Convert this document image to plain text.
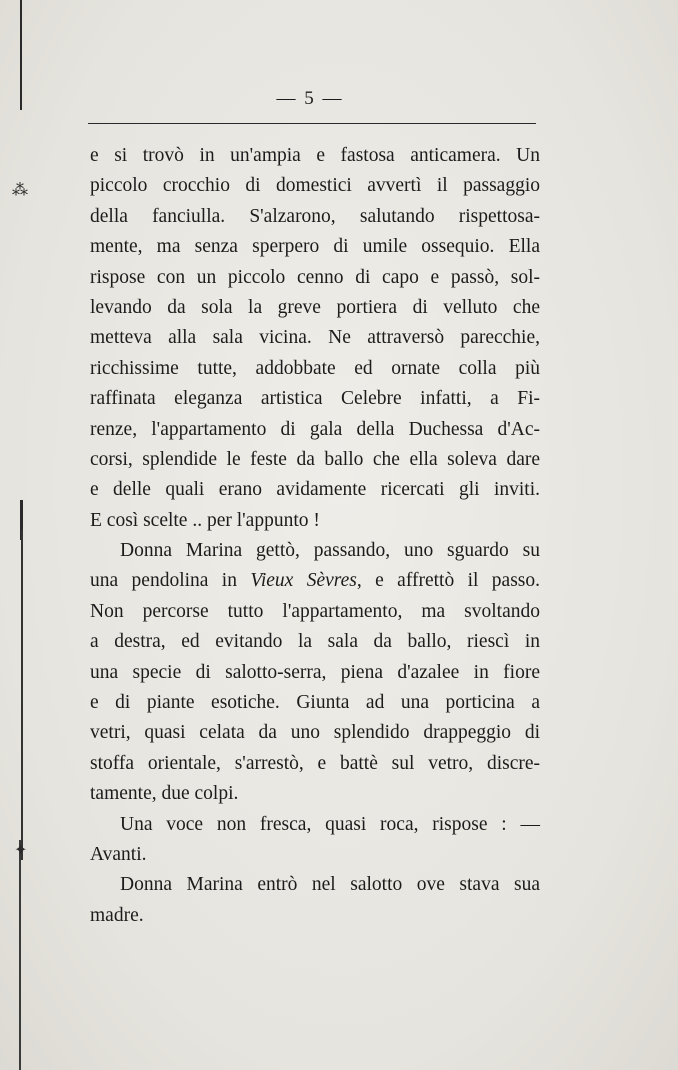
⁂
✦
— 5 —
e si trovò in un'ampia e fastosa anticamera. Un
piccolo crocchio di domestici avvertì il passaggio
della fanciulla. S'alzarono, salutando rispettosa-
mente, ma senza sperpero di umile ossequio. Ella
rispose con un piccolo cenno di capo e passò, sol-
levando da sola la greve portiera di velluto che
metteva alla sala vicina. Ne attraversò parecchie,
ricchissime tutte, addobbate ed ornate colla più
raffinata eleganza artistica Celebre infatti, a Fi-
renze, l'appartamento di gala della Duchessa d'Ac-
corsi, splendide le feste da ballo che ella soleva dare
e delle quali erano avidamente ricercati gli inviti.
E così scelte .. per l'appunto !
Donna Marina gettò, passando, uno sguardo su
una pendolina in Vieux Sèvres, e affrettò il passo.
Non percorse tutto l'appartamento, ma svoltando
a destra, ed evitando la sala da ballo, riescì in
una specie di salotto-serra, piena d'azalee in fiore
e di piante esotiche. Giunta ad una porticina a
vetri, quasi celata da uno splendido drappeggio di
stoffa orientale, s'arrestò, e battè sul vetro, discre-
tamente, due colpi.
Una voce non fresca, quasi roca, rispose : —
Avanti.
Donna Marina entrò nel salotto ove stava sua
madre.
